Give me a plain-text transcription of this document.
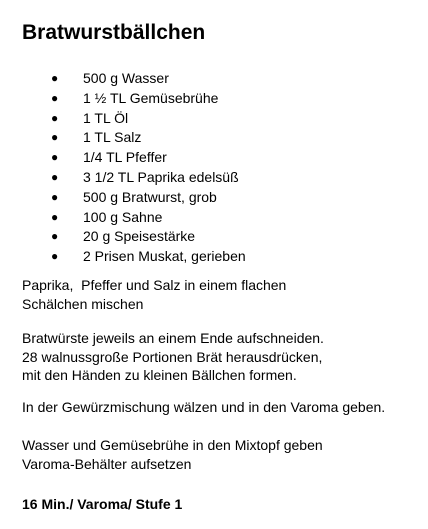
Bratwurstbällchen
● 500 g Wasser
● 1 ½ TL Gemüsebrühe
● 1 TL Öl
● 1 TL Salz
● 1/4 TL Pfeffer
● 3 1/2 TL Paprika edelsüß
● 500 g Bratwurst, grob
● 100 g Sahne
● 20 g Speisestärke
● 2 Prisen Muskat, gerieben

Paprika,  Pfeffer und Salz in einem flachen
Schälchen mischen

Bratwürste jeweils an einem Ende aufschneiden.
28 walnussgroße Portionen Brät herausdrücken,
mit den Händen zu kleinen Bällchen formen.

In der Gewürzmischung wälzen und in den Varoma geben.

Wasser und Gemüsebrühe in den Mixtopf geben
Varoma-Behälter aufsetzen

16 Min./ Varoma/ Stufe 1
